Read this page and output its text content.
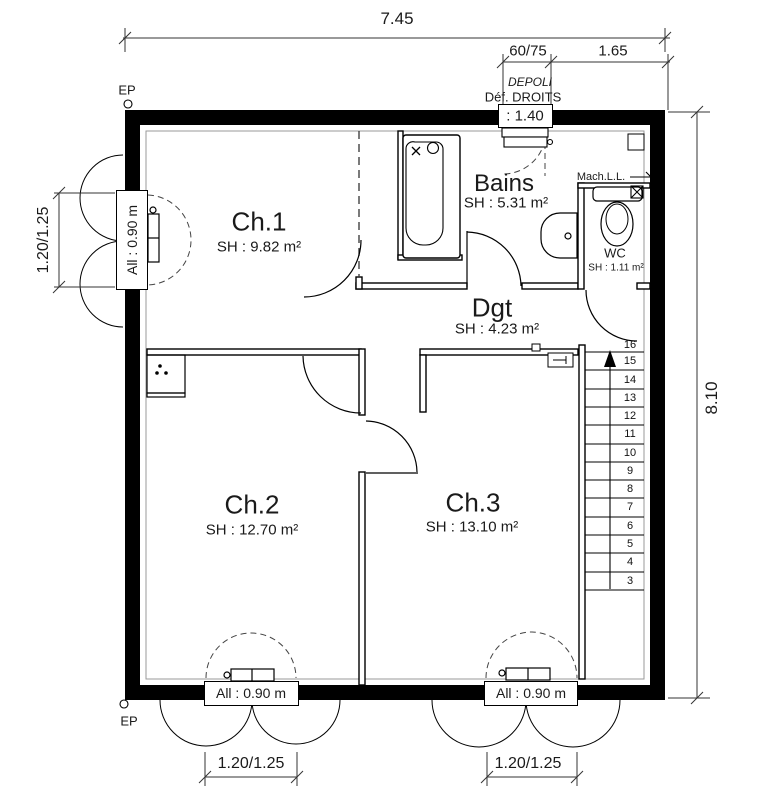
7.45
60/75	1.65
DEPOLI
Déf. DROITS
: 1.40
8.10
1.20/1.25
1.20/1.25	1.20/1.25
EP
EP
All : 0.90 m
All : 0.90 m	All : 0.90 m
Mach.L.L.
Ch.1
SH : 9.82 m²
Ch.2
SH : 12.70 m²
Ch.3
SH : 13.10 m²
Bains
SH : 5.31 m²
Dgt
SH : 4.23 m²
WC
SH : 1.11 m²
16
15
14
13
12
11
10
9
8
7
6
5
4
3
